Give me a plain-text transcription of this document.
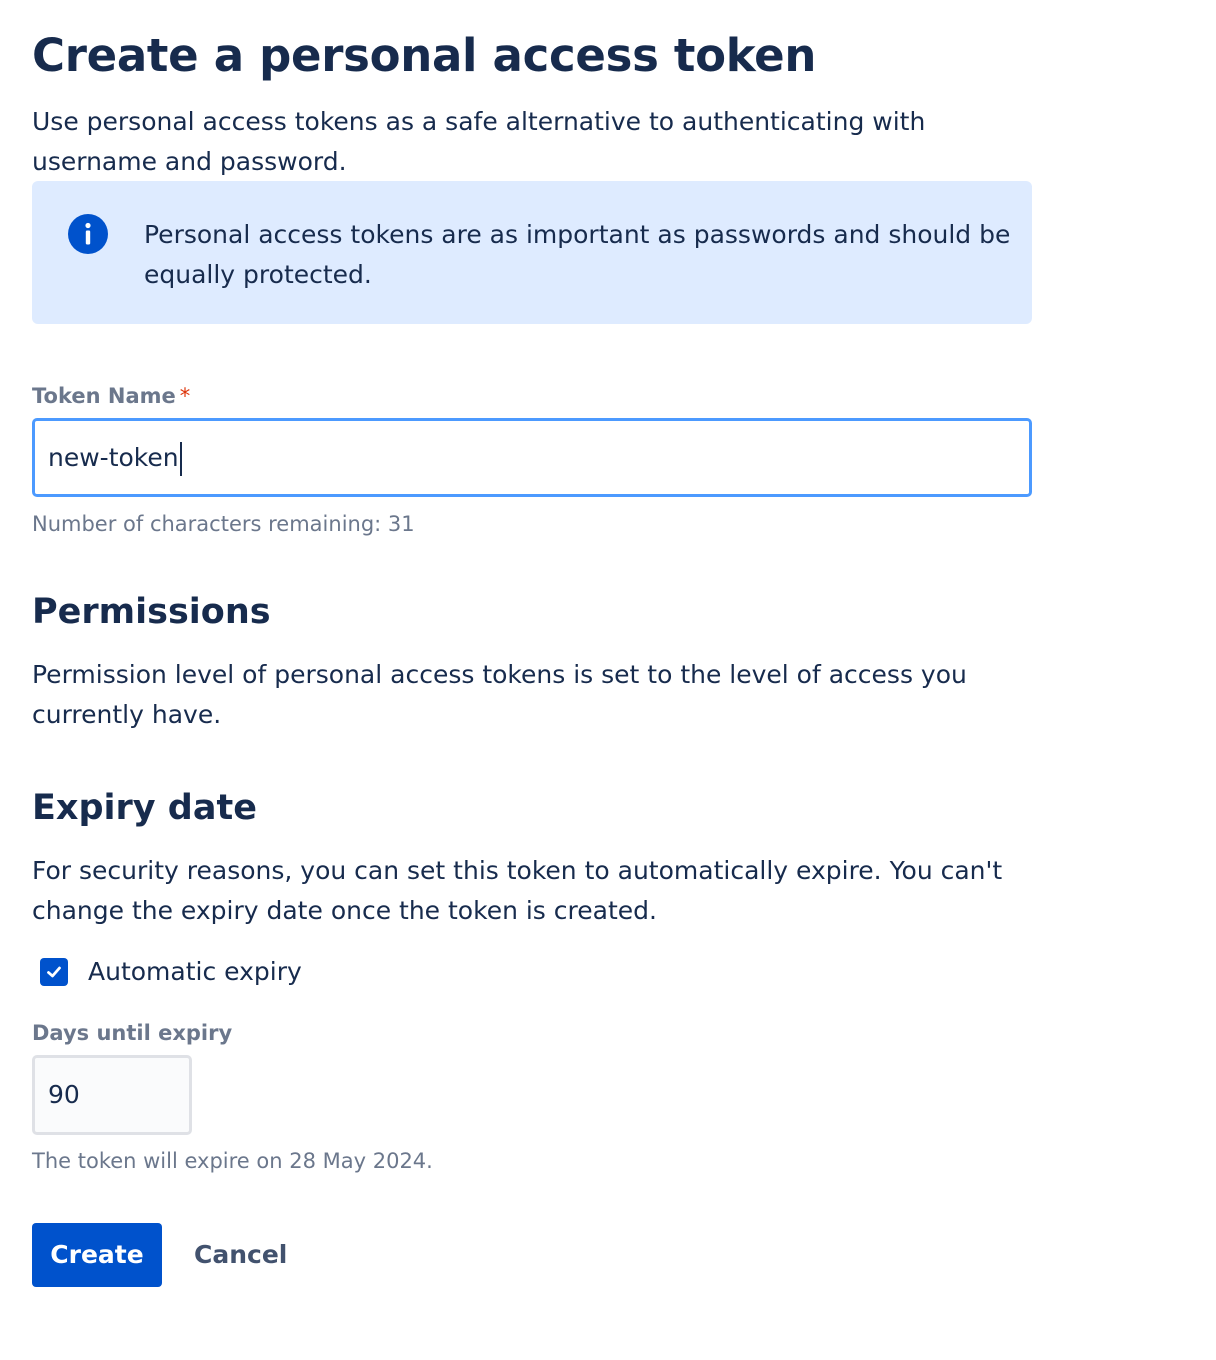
Create a personal access token

Use personal access tokens as a safe alternative to authenticating with username and password.

Personal access tokens are as important as passwords and should be equally protected.

Token Name *
new-token
Number of characters remaining: 31
Permissions

Permission level of personal access tokens is set to the level of access you currently have.

Expiry date

For security reasons, you can set this token to automatically expire. You can't change the expiry date once the token is created.

Automatic expiry
Days until expiry
90
The token will expire on 28 May 2024.
Create	Cancel
